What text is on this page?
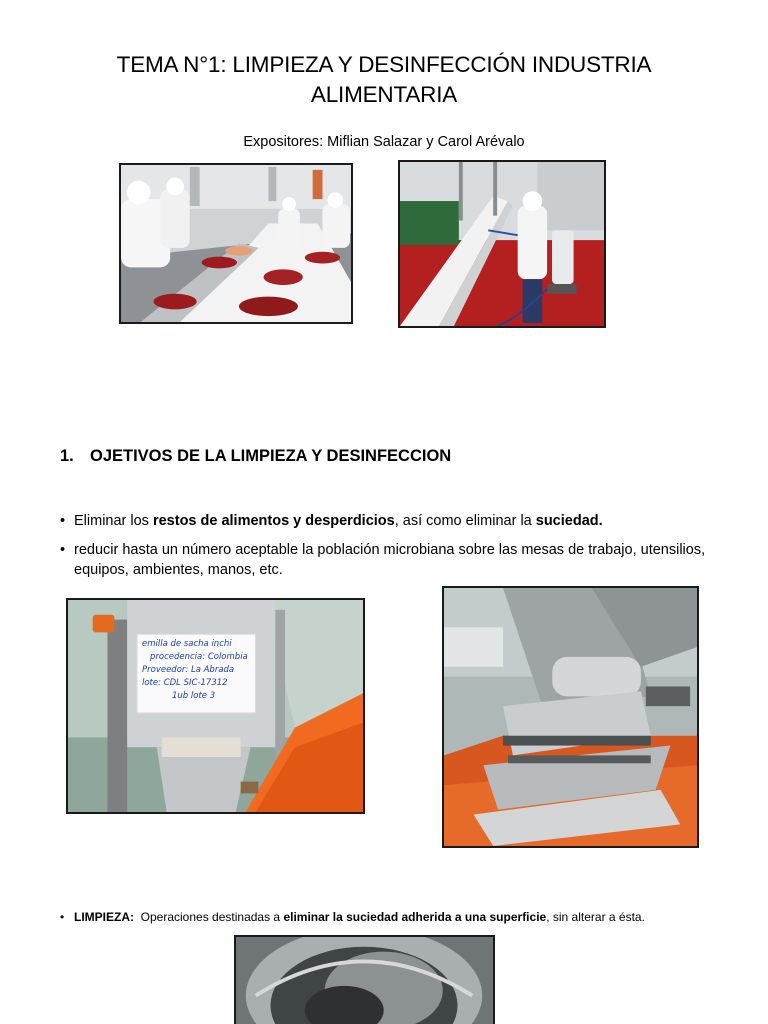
TEMA N°1: LIMPIEZA Y DESINFECCIÓN INDUSTRIA
ALIMENTARIA
Expositores: Miflian Salazar y Carol Arévalo
1. OJETIVOS DE LA LIMPIEZA Y DESINFECCION
• Eliminar los restos de alimentos y desperdicios, así como eliminar la suciedad.
• reducir hasta un número aceptable la población microbiana sobre las mesas de trabajo, utensilios, equipos, ambientes, manos, etc.
emilla de sacha inchi
procedencia: Colombia
Proveedor: La Abrada
lote: CDL SIC-17312
1ub lote 3
• LIMPIEZA:  Operaciones destinadas a eliminar la suciedad adherida a una superficie, sin alterar a ésta.
